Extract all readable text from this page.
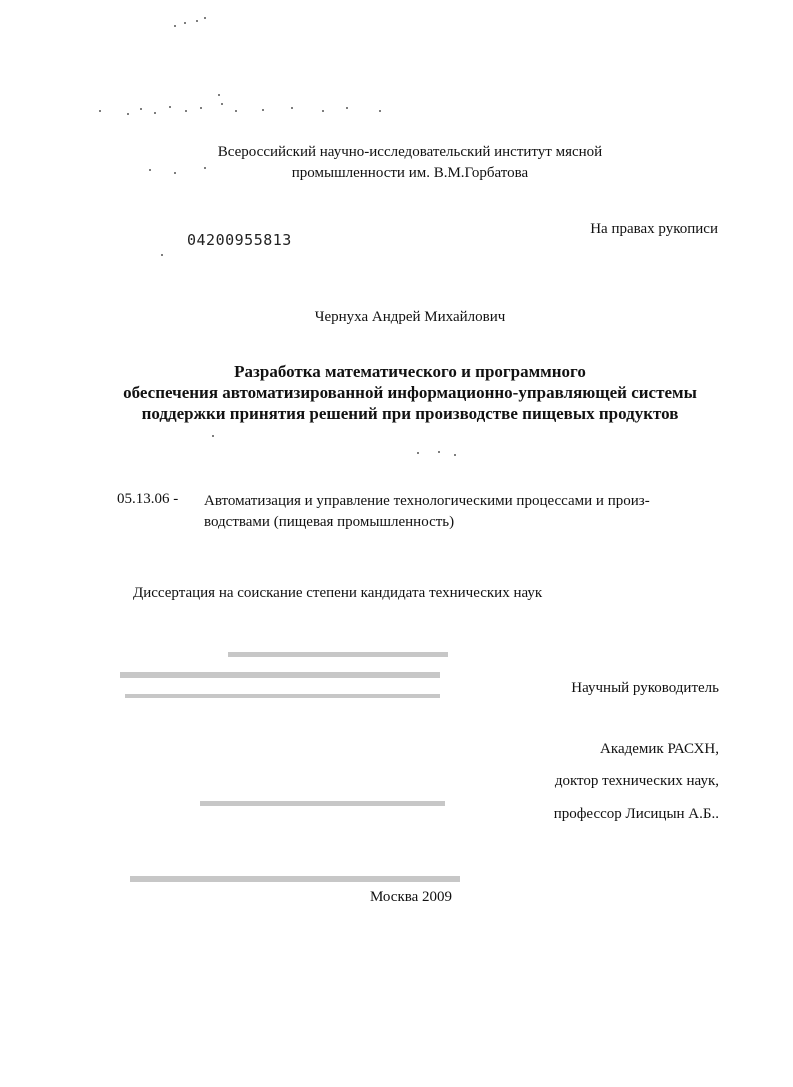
Всероссийский научно-исследовательский институт мясной
промышленности им. В.М.Горбатова
На правах рукописи
04200955813
Чернуха Андрей Михайлович
Разработка математического и программного
обеспечения автоматизированной информационно-управляющей системы
поддержки принятия решений при производстве пищевых продуктов
05.13.06 - Автоматизация и управление технологическими процессами и произ-
водствами (пищевая промышленность)
Диссертация на соискание степени кандидата технических наук
Научный руководитель
Академик РАСХН,
доктор технических наук,
профессор Лисицын А.Б..
Москва 2009
